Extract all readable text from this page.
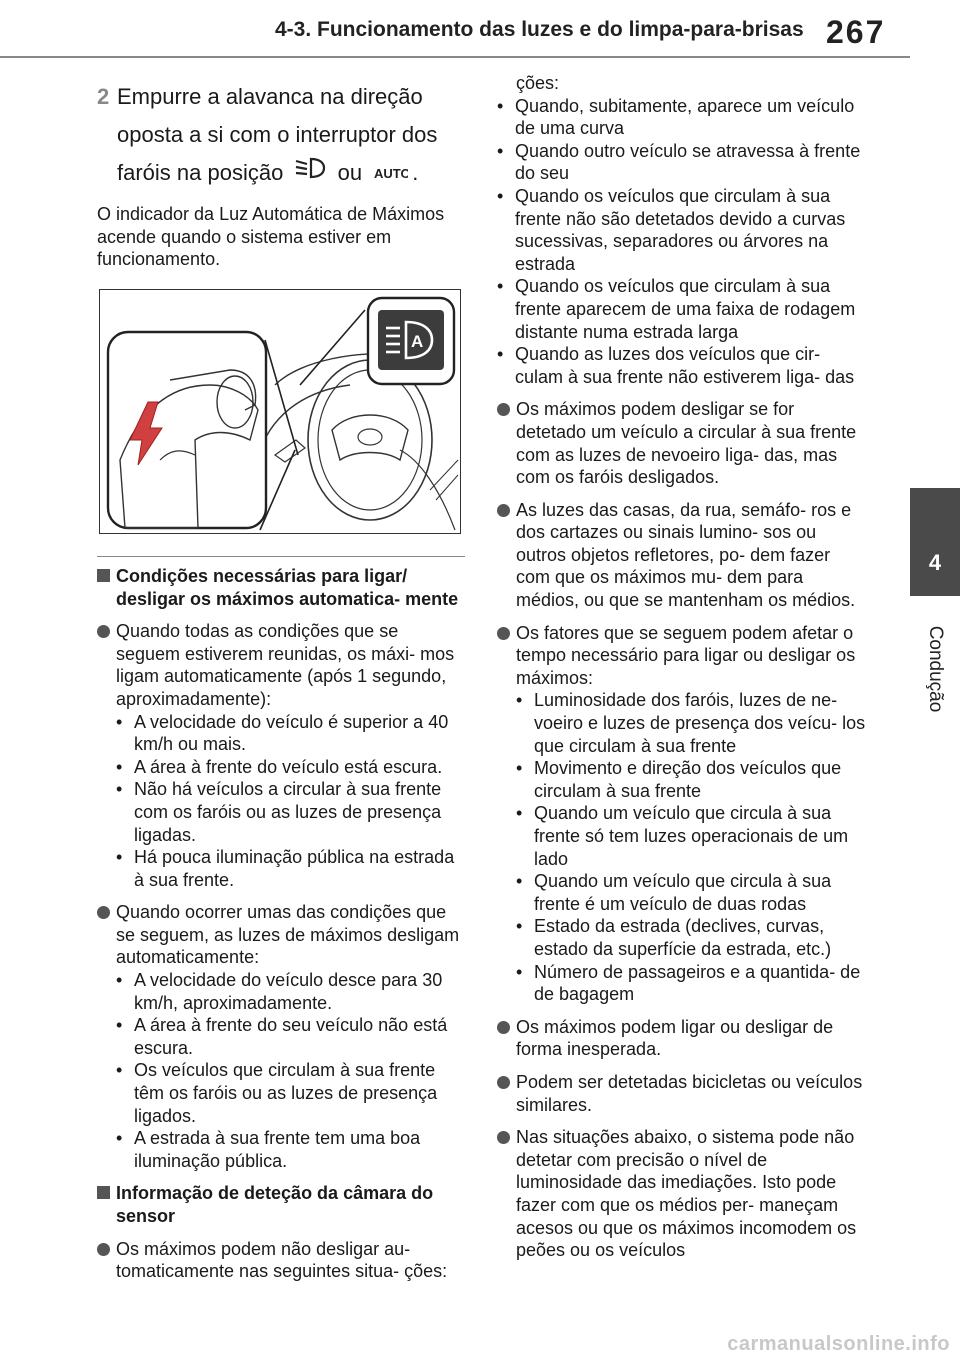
4-3. Funcionamento das luzes e do limpa-para-brisas 267
4
Condução
2 Empurre a alavanca na direção oposta a si com o interruptor dos faróis na posição ou AUTO .

O indicador da Luz Automática de Máximos acende quando o sistema estiver em funcionamento.

A
Condições necessárias para ligar/ desligar os máximos automatica- mente

Quando todas as condições que se seguem estiverem reunidas, os máxi- mos ligam automaticamente (após 1 segundo, aproximadamente):

• A velocidade do veículo é superior a 40 km/h ou mais.
• A área à frente do veículo está escura.
• Não há veículos a circular à sua frente com os faróis ou as luzes de presença ligadas.
• Há pouca iluminação pública na estrada à sua frente.

Quando ocorrer umas das condições que se seguem, as luzes de máximos desligam automaticamente:

• A velocidade do veículo desce para 30 km/h, aproximadamente.
• A área à frente do seu veículo não está escura.
• Os veículos que circulam à sua frente têm os faróis ou as luzes de presença ligados.
• A estrada à sua frente tem uma boa iluminação pública.
Informação de deteção da câmara do sensor

Os máximos podem não desligar au- tomaticamente nas seguintes situa- ções:

ções:
• Quando, subitamente, aparece um veículo de uma curva
• Quando outro veículo se atravessa à frente do seu
• Quando os veículos que circulam à sua frente não são detetados devido a curvas sucessivas, separadores ou árvores na estrada
• Quando os veículos que circulam à sua frente aparecem de uma faixa de rodagem distante numa estrada larga
• Quando as luzes dos veículos que cir- culam à sua frente não estiverem liga- das

Os máximos podem desligar se for detetado um veículo a circular à sua frente com as luzes de nevoeiro liga- das, mas com os faróis desligados.

As luzes das casas, da rua, semáfo- ros e dos cartazes ou sinais lumino- sos ou outros objetos refletores, po- dem fazer com que os máximos mu- dem para médios, ou que se mantenham os médios.

Os fatores que se seguem podem afetar o tempo necessário para ligar ou desligar os máximos:

• Luminosidade dos faróis, luzes de ne- voeiro e luzes de presença dos veícu- los que circulam à sua frente
• Movimento e direção dos veículos que circulam à sua frente
• Quando um veículo que circula à sua frente só tem luzes operacionais de um lado
• Quando um veículo que circula à sua frente é um veículo de duas rodas
• Estado da estrada (declives, curvas, estado da superfície da estrada, etc.)
• Número de passageiros e a quantida- de de bagagem

Os máximos podem ligar ou desligar de forma inesperada.

Podem ser detetadas bicicletas ou veículos similares.

Nas situações abaixo, o sistema pode não detetar com precisão o nível de luminosidade das imediações. Isto pode fazer com que os médios per- maneçam acesos ou que os máximos incomodem os peões ou os veículos

carmanualsonline.info
